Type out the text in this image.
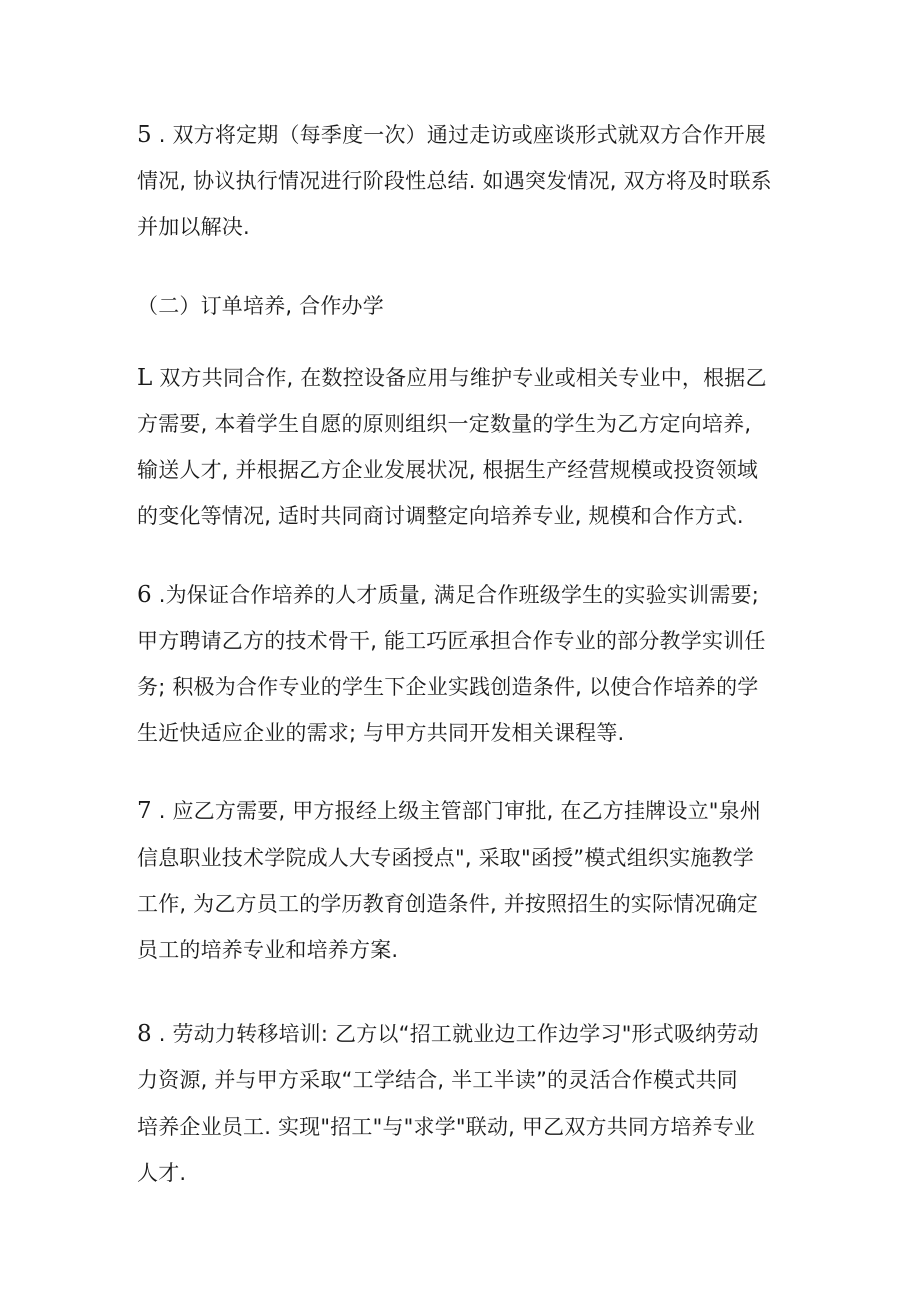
5 . 双方将定期（每季度一次）通过走访或座谈形式就双方合作开展
情况, 协议执行情况进行阶段性总结. 如遇突发情况, 双方将及时联系
并加以解决.

（二）订单培养, 合作办学

L 双方共同合作, 在数控设备应用与维护专业或相关专业中，根据乙
方需要, 本着学生自愿的原则组织一定数量的学生为乙方定向培养,
输送人才, 并根据乙方企业发展状况, 根据生产经营规模或投资领域
的变化等情况, 适时共同商讨调整定向培养专业, 规模和合作方式.

6 .为保证合作培养的人才质量, 满足合作班级学生的实验实训需要;
甲方聘请乙方的技术骨干, 能工巧匠承担合作专业的部分教学实训任
务; 积极为合作专业的学生下企业实践创造条件, 以使合作培养的学
生近快适应企业的需求; 与甲方共同开发相关课程等.

7 . 应乙方需要, 甲方报经上级主管部门审批, 在乙方挂牌设立"泉州
信息职业技术学院成人大专函授点", 采取"函授”模式组织实施教学
工作, 为乙方员工的学历教育创造条件, 并按照招生的实际情况确定
员工的培养专业和培养方案.

8 . 劳动力转移培训: 乙方以“招工就业边工作边学习"形式吸纳劳动
力资源, 并与甲方采取“工学结合, 半工半读”的灵活合作模式共同
培养企业员工. 实现"招工"与"求学"联动, 甲乙双方共同方培养专业
人才.
